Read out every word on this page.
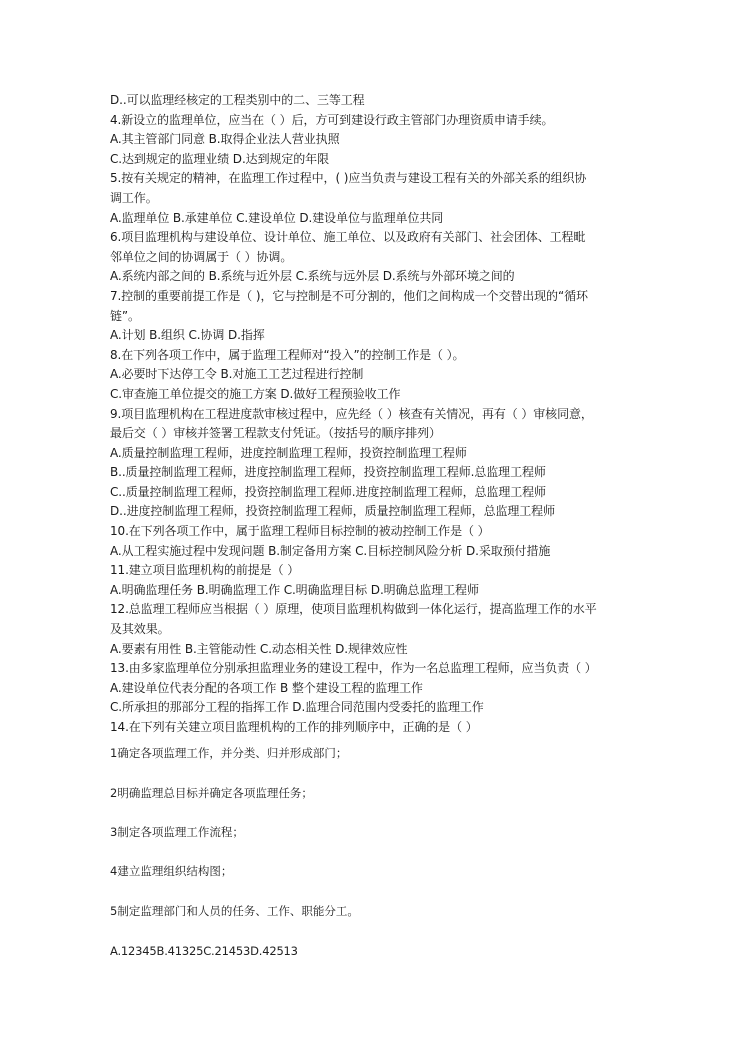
D..可以监理经核定的工程类别中的二、三等工程
4.新设立的监理单位，应当在（ ）后，方可到建设行政主管部门办理资质申请手续。
A.其主管部门同意 B.取得企业法人营业执照
C.达到规定的监理业绩 D.达到规定的年限
5.按有关规定的精神，在监理工作过程中，( )应当负责与建设工程有关的外部关系的组织协
调工作。
A.监理单位 B.承建单位 C.建设单位 D.建设单位与监理单位共同
6.项目监理机构与建设单位、设计单位、施工单位、以及政府有关部门、社会团体、工程毗
邻单位之间的协调属于（ ）协调。
A.系统内部之间的 B.系统与近外层 C.系统与远外层 D.系统与外部环境之间的
7.控制的重要前提工作是（ )，它与控制是不可分割的，他们之间构成一个交替出现的“循环
链”。
A.计划 B.组织 C.协调 D.指挥
8.在下列各项工作中，属于监理工程师对“投入”的控制工作是（ ）。
A.必要时下达停工令 B.对施工工艺过程进行控制
C.审查施工单位提交的施工方案 D.做好工程预验收工作
9.项目监理机构在工程进度款审核过程中，应先经（ ）核查有关情况，再有（ ）审核同意，
最后交（ ）审核并签署工程款支付凭证。（按括号的顺序排列）
A.质量控制监理工程师，进度控制监理工程师，投资控制监理工程师
B..质量控制监理工程师，进度控制监理工程师，投资控制监理工程师.总监理工程师
C..质量控制监理工程师，投资控制监理工程师.进度控制监理工程师，总监理工程师
D..进度控制监理工程师，投资控制监理工程师，质量控制监理工程师，总监理工程师
10.在下列各项工作中，属于监理工程师目标控制的被动控制工作是（ ）
A.从工程实施过程中发现问题 B.制定备用方案 C.目标控制风险分析 D.采取预付措施
11.建立项目监理机构的前提是（ ）
A.明确监理任务 B.明确监理工作 C.明确监理目标 D.明确总监理工程师
12.总监理工程师应当根据（ ）原理，使项目监理机构做到一体化运行，提高监理工作的水平
及其效果。
A.要素有用性 B.主管能动性 C.动态相关性 D.规律效应性
13.由多家监理单位分别承担监理业务的建设工程中，作为一名总监理工程师，应当负责（ ）
A.建设单位代表分配的各项工作 B 整个建设工程的监理工作
C.所承担的那部分工程的指挥工作 D.监理合同范围内受委托的监理工作
14.在下列有关建立项目监理机构的工作的排列顺序中，正确的是（ ）
1确定各项监理工作，并分类、归并形成部门；
2明确监理总目标并确定各项监理任务；
3制定各项监理工作流程；
4建立监理组织结构图；
5制定监理部门和人员的任务、工作、职能分工。
A.12345B.41325C.21453D.42513
